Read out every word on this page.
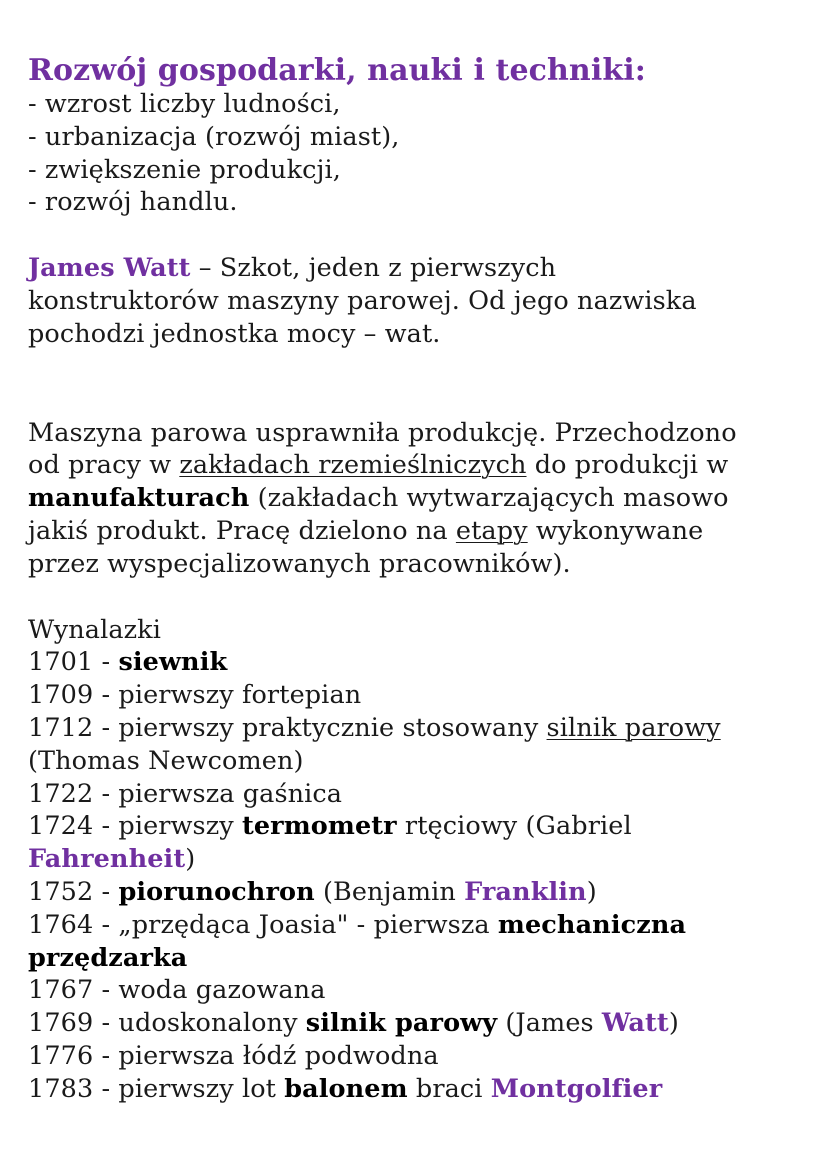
Rozwój gospodarki, nauki i techniki:
- wzrost liczby ludności,
- urbanizacja (rozwój miast),
- zwiększenie produkcji,
- rozwój handlu.
James Watt – Szkot, jeden z pierwszych
konstruktorów maszyny parowej. Od jego nazwiska
pochodzi jednostka mocy – wat.
Maszyna parowa usprawniła produkcję. Przechodzono
od pracy w zakładach rzemieślniczych do produkcji w
manufakturach (zakładach wytwarzających masowo
jakiś produkt. Pracę dzielono na etapy wykonywane
przez wyspecjalizowanych pracowników).
Wynalazki
1701 - siewnik
1709 - pierwszy fortepian
1712 - pierwszy praktycznie stosowany silnik parowy
(Thomas Newcomen)
1722 - pierwsza gaśnica
1724 - pierwszy termometr rtęciowy (Gabriel
Fahrenheit)
1752 - piorunochron (Benjamin Franklin)
1764 - „przędąca Joasia" - pierwsza mechaniczna
przędzarka
1767 - woda gazowana
1769 - udoskonalony silnik parowy (James Watt)
1776 - pierwsza łódź podwodna
1783 - pierwszy lot balonem braci Montgolfier
